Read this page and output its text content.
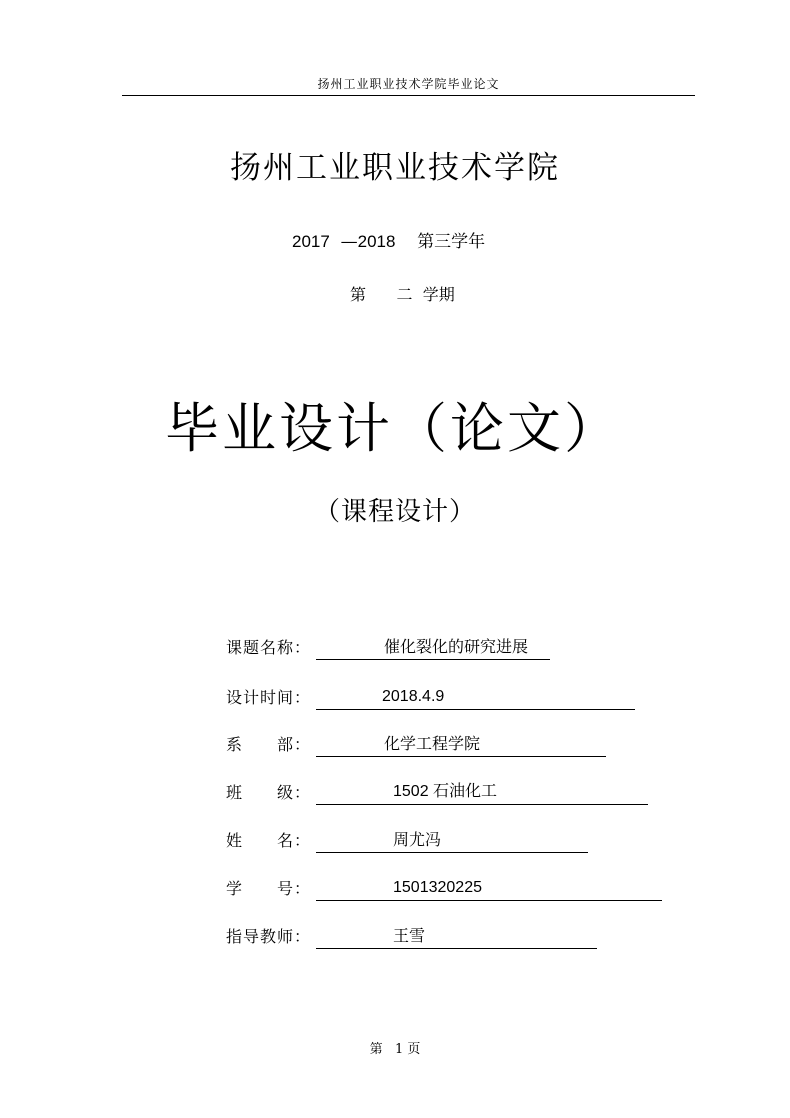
扬州工业职业技术学院毕业论文
扬州工业职业技术学院
2017 —2018 第三学年
第 二 学期
毕业设计（论文）
（课程设计）
课题名称：	催化裂化的研究进展
设计时间：	2018.4.9
系　　部：	化学工程学院
班　　级：	1502 石油化工
姓　　名：	周尤冯
学　　号：	1501320225
指导教师：	王雪
第 1 页
